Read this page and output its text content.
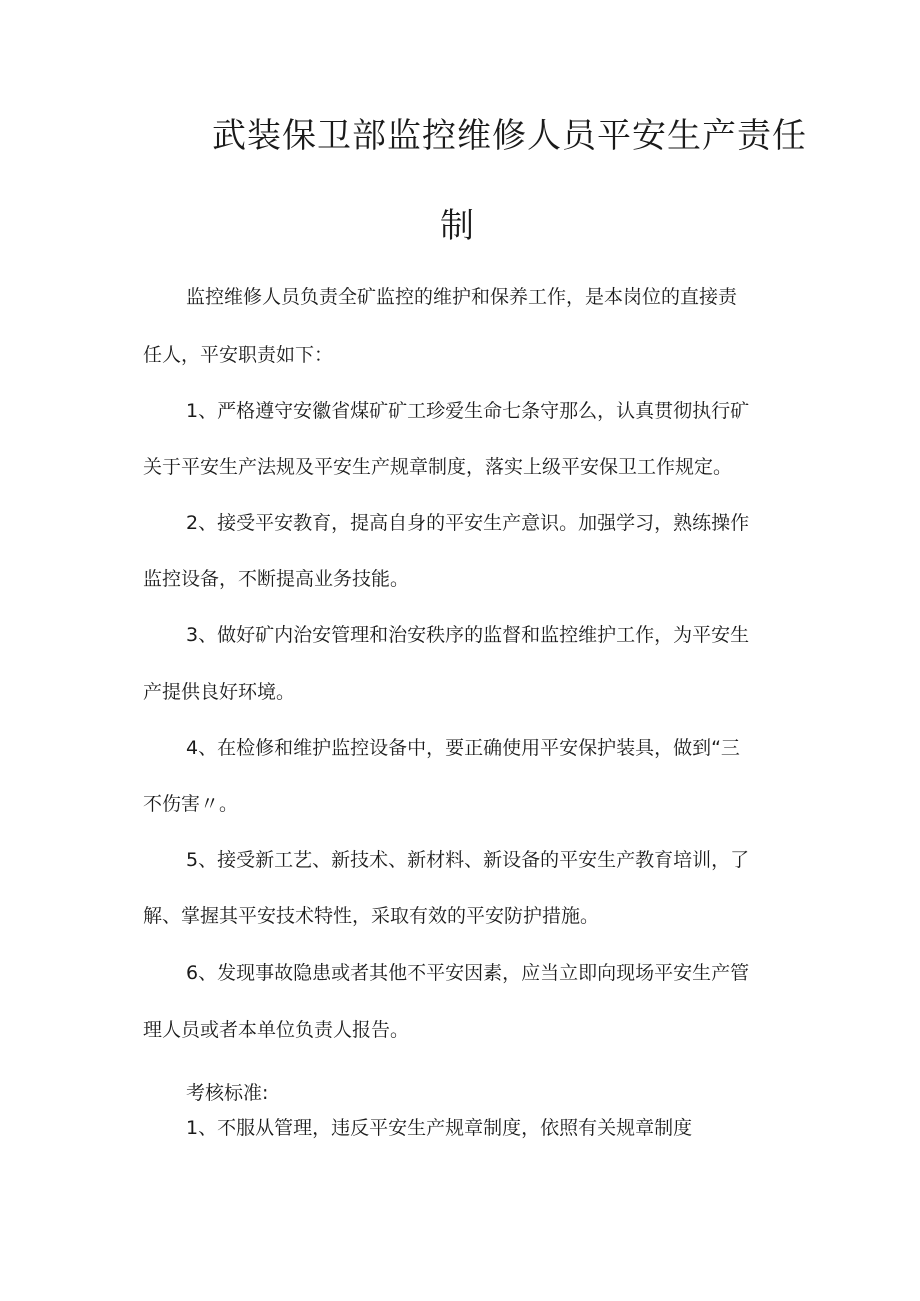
武装保卫部监控维修人员平安生产责任
制
监控维修人员负责全矿监控的维护和保养工作，是本岗位的直接责
任人，平安职责如下：
1、严格遵守安徽省煤矿矿工珍爱生命七条守那么，认真贯彻执行矿
关于平安生产法规及平安生产规章制度，落实上级平安保卫工作规定。
2、接受平安教育，提高自身的平安生产意识。加强学习，熟练操作
监控设备，不断提高业务技能。
3、做好矿内治安管理和治安秩序的监督和监控维护工作，为平安生
产提供良好环境。
4、在检修和维护监控设备中，要正确使用平安保护装具，做到“三
不伤害〃。
5、接受新工艺、新技术、新材料、新设备的平安生产教育培训，了
解、掌握其平安技术特性，采取有效的平安防护措施。
6、发现事故隐患或者其他不平安因素，应当立即向现场平安生产管
理人员或者本单位负责人报告。
考核标准:
1、不服从管理，违反平安生产规章制度，依照有关规章制度
